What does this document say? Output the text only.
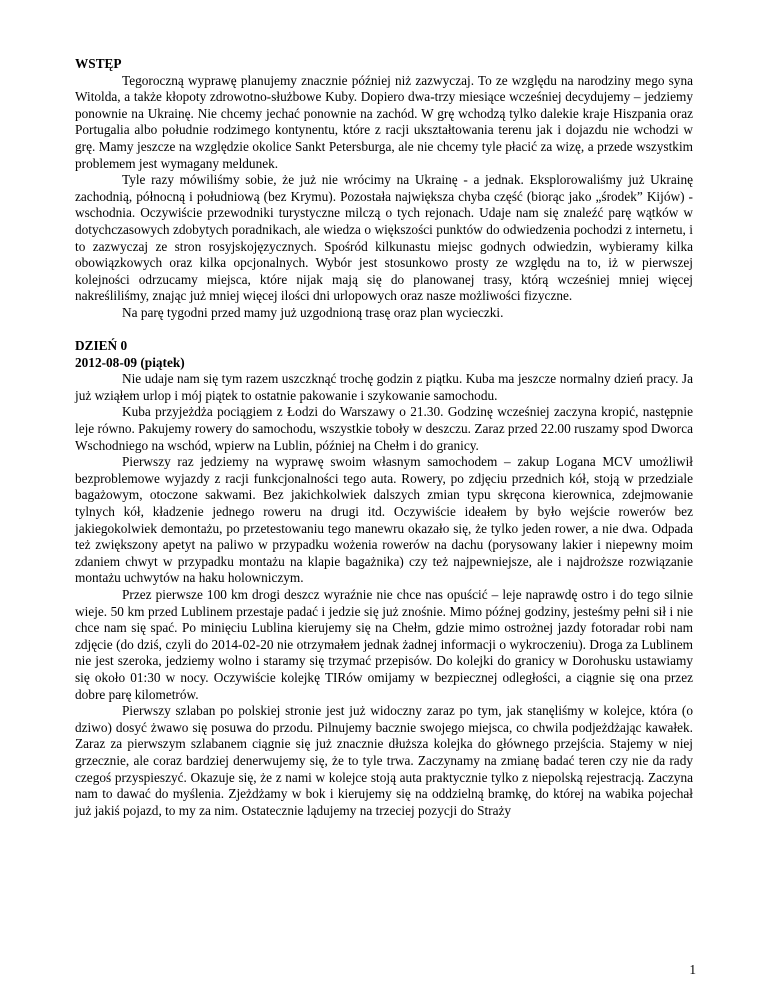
WSTĘP

Tegoroczną wyprawę planujemy znacznie później niż zazwyczaj. To ze względu na narodziny mego syna Witolda, a także kłopoty zdrowotno-służbowe Kuby. Dopiero dwa-trzy miesiące wcześniej decydujemy – jedziemy ponownie na Ukrainę. Nie chcemy jechać ponownie na zachód. W grę wchodzą tylko dalekie kraje Hiszpania oraz Portugalia albo południe rodzimego kontynentu, które z racji ukształtowania terenu jak i dojazdu nie wchodzi w grę. Mamy jeszcze na względzie okolice Sankt Petersburga, ale nie chcemy tyle płacić za wizę, a przede wszystkim problemem jest wymagany meldunek.

Tyle razy mówiliśmy sobie, że już nie wrócimy na Ukrainę - a jednak. Eksplorowaliśmy już Ukrainę zachodnią, północną i południową (bez Krymu). Pozostała największa chyba część (biorąc jako „środek” Kijów) - wschodnia. Oczywiście przewodniki turystyczne milczą o tych rejonach. Udaje nam się znaleźć parę wątków w dotychczasowych zdobytych poradnikach, ale wiedza o większości punktów do odwiedzenia pochodzi z internetu, i to zazwyczaj ze stron rosyjskojęzycznych. Spośród kilkunastu miejsc godnych odwiedzin, wybieramy kilka obowiązkowych oraz kilka opcjonalnych. Wybór jest stosunkowo prosty ze względu na to, iż w pierwszej kolejności odrzucamy miejsca, które nijak mają się do planowanej trasy, którą wcześniej mniej więcej nakreśliliśmy, znając już mniej więcej ilości dni urlopowych oraz nasze możliwości fizyczne.

Na parę tygodni przed mamy już uzgodnioną trasę oraz plan wycieczki.

DZIEŃ 0
2012-08-09 (piątek)

Nie udaje nam się tym razem uszczknąć trochę godzin z piątku. Kuba ma jeszcze normalny dzień pracy. Ja już wziąłem urlop i mój piątek to ostatnie pakowanie i szykowanie samochodu.

Kuba przyjeżdża pociągiem z Łodzi do Warszawy o 21.30. Godzinę wcześniej zaczyna kropić, następnie leje równo. Pakujemy rowery do samochodu, wszystkie toboły w deszczu. Zaraz przed 22.00 ruszamy spod Dworca Wschodniego na wschód, wpierw na Lublin, później na Chełm i do granicy.

Pierwszy raz jedziemy na wyprawę swoim własnym samochodem – zakup Logana MCV umożliwił bezproblemowe wyjazdy z racji funkcjonalności tego auta. Rowery, po zdjęciu przednich kół, stoją w przedziale bagażowym, otoczone sakwami. Bez jakichkolwiek dalszych zmian typu skręcona kierownica, zdejmowanie tylnych kół, kładzenie jednego roweru na drugi itd. Oczywiście ideałem by było wejście rowerów bez jakiegokolwiek demontażu, po przetestowaniu tego manewru okazało się, że tylko jeden rower, a nie dwa. Odpada też zwiększony apetyt na paliwo w przypadku wożenia rowerów na dachu (porysowany lakier i niepewny moim zdaniem chwyt w przypadku montażu na klapie bagażnika) czy też najpewniejsze, ale i najdroższe rozwiązanie montażu uchwytów na haku holowniczym.

Przez pierwsze 100 km drogi deszcz wyraźnie nie chce nas opuścić – leje naprawdę ostro i do tego silnie wieje. 50 km przed Lublinem przestaje padać i jedzie się już znośnie. Mimo późnej godziny, jesteśmy pełni sił i nie chce nam się spać. Po minięciu Lublina kierujemy się na Chełm, gdzie mimo ostrożnej jazdy fotoradar robi nam zdjęcie (do dziś, czyli do 2014-02-20 nie otrzymałem jednak żadnej informacji o wykroczeniu). Droga za Lublinem nie jest szeroka, jedziemy wolno i staramy się trzymać przepisów. Do kolejki do granicy w Dorohusku ustawiamy się około 01:30 w nocy. Oczywiście kolejkę TIRów omijamy w bezpiecznej odległości, a ciągnie się ona przez dobre parę kilometrów.

Pierwszy szlaban po polskiej stronie jest już widoczny zaraz po tym, jak stanęliśmy w kolejce, która (o dziwo) dosyć żwawo się posuwa do przodu. Pilnujemy bacznie swojego miejsca, co chwila podjeżdżając kawałek. Zaraz za pierwszym szlabanem ciągnie się już znacznie dłuższa kolejka do głównego przejścia. Stajemy w niej grzecznie, ale coraz bardziej denerwujemy się, że to tyle trwa. Zaczynamy na zmianę badać teren czy nie da rady czegoś przyspieszyć. Okazuje się, że z nami w kolejce stoją auta praktycznie tylko z niepolską rejestracją. Zaczyna nam to dawać do myślenia. Zjeżdżamy w bok i kierujemy się na oddzielną bramkę, do której na wabika pojechał już jakiś pojazd, to my za nim. Ostatecznie lądujemy na trzeciej pozycji do Straży

1
